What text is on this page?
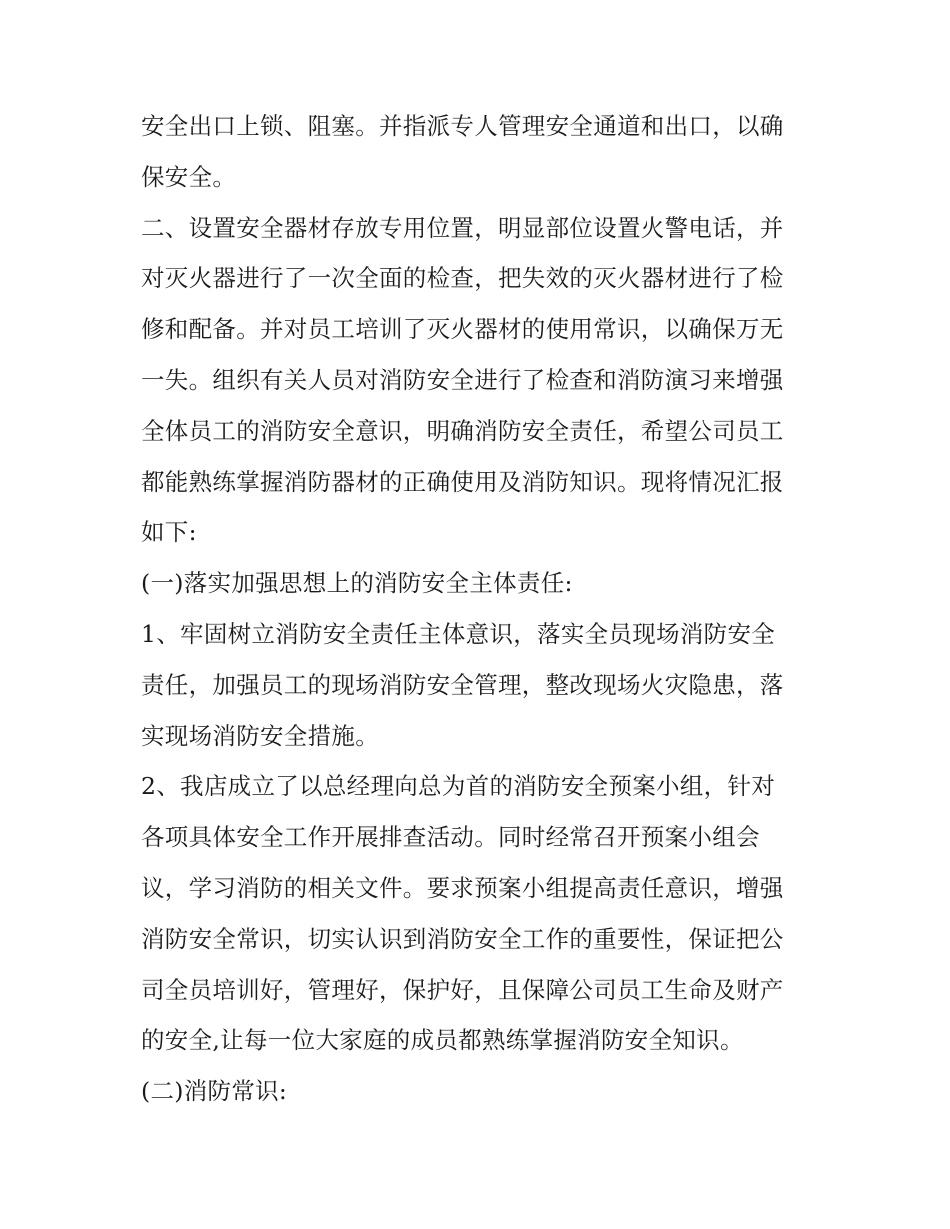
安全出口上锁、阻塞。并指派专人管理安全通道和出口，以确
保安全。
二、设置安全器材存放专用位置，明显部位设置火警电话，并
对灭火器进行了一次全面的检查，把失效的灭火器材进行了检
修和配备。并对员工培训了灭火器材的使用常识，以确保万无
一失。组织有关人员对消防安全进行了检查和消防演习来增强
全体员工的消防安全意识，明确消防安全责任，希望公司员工
都能熟练掌握消防器材的正确使用及消防知识。现将情况汇报
如下:
(一)落实加强思想上的消防安全主体责任:
1、牢固树立消防安全责任主体意识，落实全员现场消防安全
责任，加强员工的现场消防安全管理，整改现场火灾隐患，落
实现场消防安全措施。
2、我店成立了以总经理向总为首的消防安全预案小组，针对
各项具体安全工作开展排查活动。同时经常召开预案小组会
议，学习消防的相关文件。要求预案小组提高责任意识，增强
消防安全常识，切实认识到消防安全工作的重要性，保证把公
司全员培训好，管理好，保护好，且保障公司员工生命及财产
的安全,让每一位大家庭的成员都熟练掌握消防安全知识。
(二)消防常识:
